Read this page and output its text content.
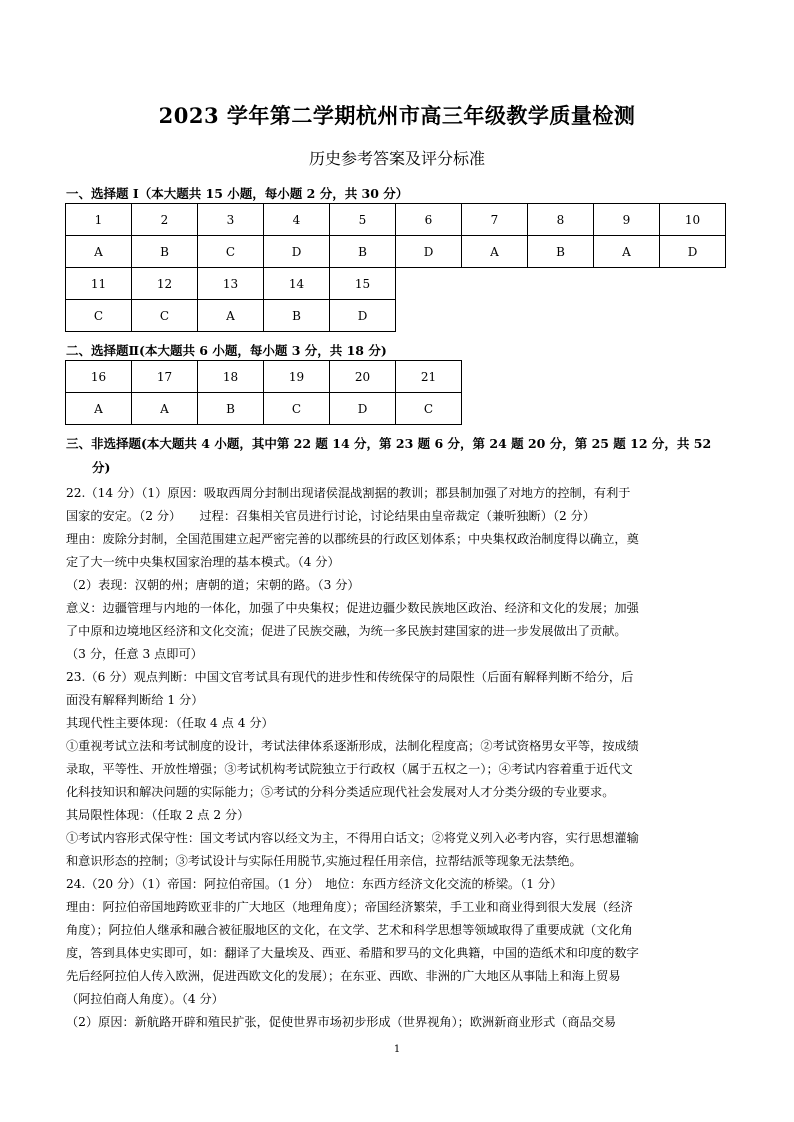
2023 学年第二学期杭州市高三年级教学质量检测
历史参考答案及评分标准
一、选择题 I（本大题共 15 小题，每小题 2 分，共 30 分）
1	2	3	4	5	6	7	8	9	10
A	B	C	D	B	D	A	B	A	D
11	12	13	14	15					
C	C	A	B	D					
二、选择题Ⅱ(本大题共 6 小题，每小题 3 分，共 18 分)
16	17	18	19	20	21
A	A	B	C	D	C
三、非选择题(本大题共 4 小题，其中第 22 题 14 分，第 23 题 6 分，第 24 题 20 分，第 25 题 12 分，共 52
分)
22.（14 分）（1）原因：吸取西周分封制出现诸侯混战割据的教训；郡县制加强了对地方的控制，有利于
国家的安定。（2 分）　　过程：召集相关官员进行讨论，讨论结果由皇帝裁定（兼听独断）（2 分）
理由：废除分封制，全国范围建立起严密完善的以郡统县的行政区划体系；中央集权政治制度得以确立，奠
定了大一统中央集权国家治理的基本模式。（4 分）
（2）表现：汉朝的州；唐朝的道；宋朝的路。（3 分）
意义：边疆管理与内地的一体化，加强了中央集权；促进边疆少数民族地区政治、经济和文化的发展；加强
了中原和边境地区经济和文化交流；促进了民族交融，为统一多民族封建国家的进一步发展做出了贡献。
（3 分，任意 3 点即可）
23.（6 分）观点判断：中国文官考试具有现代的进步性和传统保守的局限性（后面有解释判断不给分，后
面没有解释判断给 1 分）
其现代性主要体现：（任取 4 点 4 分）
①重视考试立法和考试制度的设计，考试法律体系逐渐形成，法制化程度高；②考试资格男女平等，按成绩
录取，平等性、开放性增强；③考试机构考试院独立于行政权（属于五权之一）；④考试内容着重于近代文
化科技知识和解决问题的实际能力；⑤考试的分科分类适应现代社会发展对人才分类分级的专业要求。
其局限性体现：（任取 2 点 2 分）
①考试内容形式保守性：国文考试内容以经文为主，不得用白话文；②将党义列入必考内容，实行思想灌输
和意识形态的控制；③考试设计与实际任用脱节,实施过程任用亲信，拉帮结派等现象无法禁绝。
24.（20 分）（1）帝国：阿拉伯帝国。（1 分）　地位：东西方经济文化交流的桥梁。（1 分）
理由：阿拉伯帝国地跨欧亚非的广大地区（地理角度）；帝国经济繁荣，手工业和商业得到很大发展（经济
角度）；阿拉伯人继承和融合被征服地区的文化，在文学、艺术和科学思想等领域取得了重要成就（文化角
度，答到具体史实即可，如：翻译了大量埃及、西亚、希腊和罗马的文化典籍，中国的造纸术和印度的数字
先后经阿拉伯人传入欧洲，促进西欧文化的发展）；在东亚、西欧、非洲的广大地区从事陆上和海上贸易
（阿拉伯商人角度）。（4 分）
（2）原因：新航路开辟和殖民扩张，促使世界市场初步形成（世界视角）；欧洲新商业形式（商品交易
1
